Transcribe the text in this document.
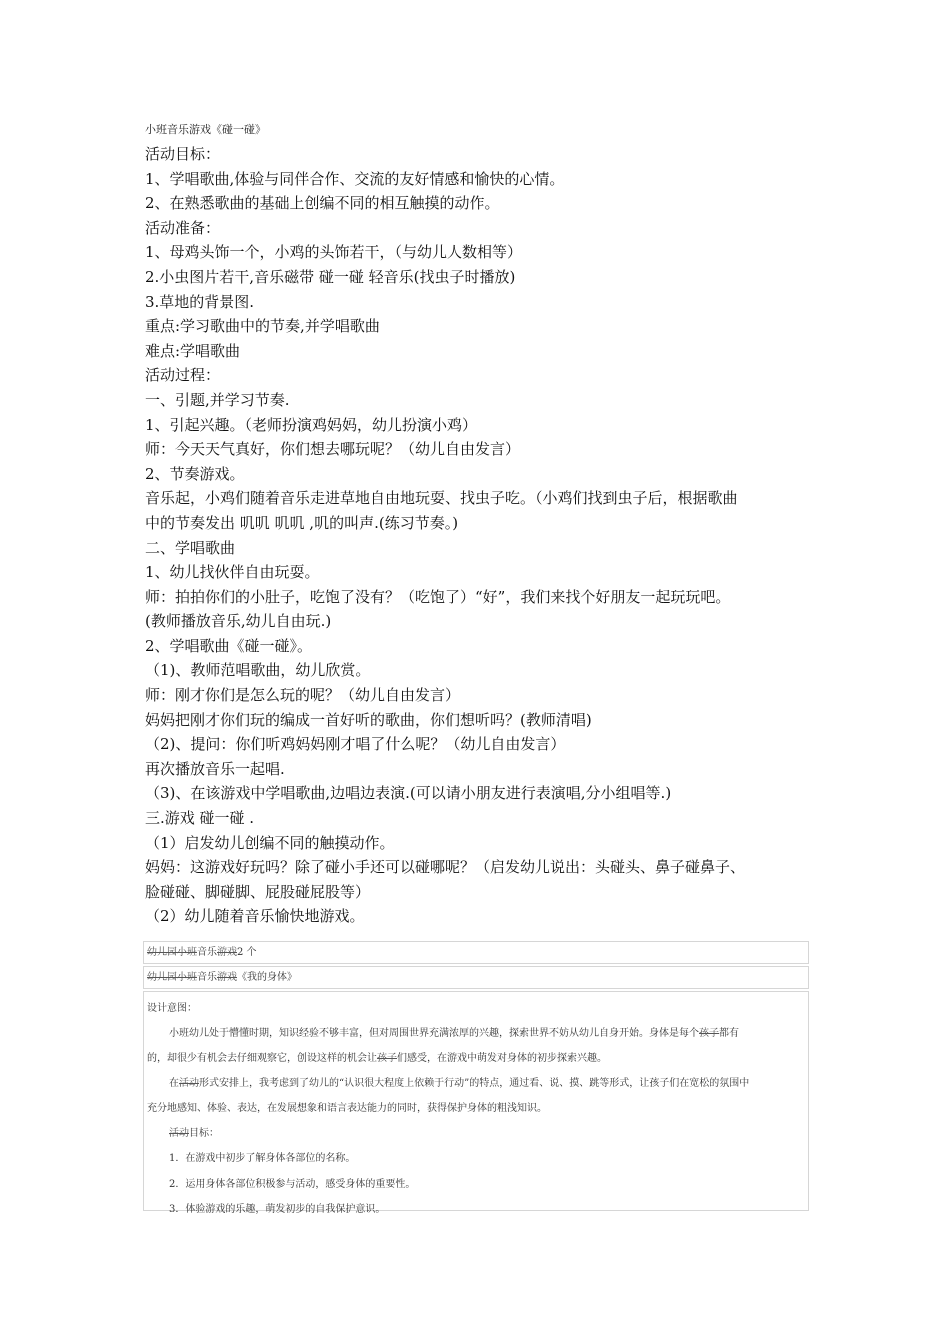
小班音乐游戏《碰一碰》
活动目标：
1、学唱歌曲,体验与同伴合作、交流的友好情感和愉快的心情。
2、在熟悉歌曲的基础上创编不同的相互触摸的动作。
活动准备：
1、母鸡头饰一个，小鸡的头饰若干，（与幼儿人数相等）
2.小虫图片若干,音乐磁带 碰一碰 轻音乐(找虫子时播放)
3.草地的背景图.
重点:学习歌曲中的节奏,并学唱歌曲
难点:学唱歌曲
活动过程：
一、引题,并学习节奏.
1、引起兴趣。（老师扮演鸡妈妈，幼儿扮演小鸡）
师：今天天气真好，你们想去哪玩呢？（幼儿自由发言）
2、节奏游戏。
音乐起，小鸡们随着音乐走进草地自由地玩耍、找虫子吃。（小鸡们找到虫子后，根据歌曲
中的节奏发出 叽叽 叽叽 ,叽的叫声.(练习节奏。)
二、学唱歌曲
1、幼儿找伙伴自由玩耍。
师：拍拍你们的小肚子，吃饱了没有？（吃饱了）“好”，我们来找个好朋友一起玩玩吧。
(教师播放音乐,幼儿自由玩.)
2、学唱歌曲《碰一碰》。
（1)、教师范唱歌曲，幼儿欣赏。
师：刚才你们是怎么玩的呢？（幼儿自由发言）
妈妈把刚才你们玩的编成一首好听的歌曲，你们想听吗？(教师清唱)
（2)、提问：你们听鸡妈妈刚才唱了什么呢？（幼儿自由发言）
再次播放音乐一起唱.
（3)、在该游戏中学唱歌曲,边唱边表演.(可以请小朋友进行表演唱,分小组唱等.)
三.游戏 碰一碰 .
（1）启发幼儿创编不同的触摸动作。
妈妈：这游戏好玩吗？除了碰小手还可以碰哪呢？（启发幼儿说出：头碰头、鼻子碰鼻子、
脸碰碰、脚碰脚、屁股碰屁股等）
（2）幼儿随着音乐愉快地游戏。
幼儿园小班音乐游戏2 个
幼儿园小班音乐游戏《我的身体》
设计意图：
小班幼儿处于懵懂时期，知识经验不够丰富，但对周围世界充满浓厚的兴趣，探索世界不妨从幼儿自身开始。身体是每个孩子都有
的，却很少有机会去仔细观察它，创设这样的机会让孩子们感受，在游戏中萌发对身体的初步探索兴趣。
在活动形式安排上，我考虑到了幼儿的“认识很大程度上依赖于行动”的特点，通过看、说、摸、跳等形式，让孩子们在宽松的氛围中
充分地感知、体验、表达，在发展想象和语言表达能力的同时，获得保护身体的粗浅知识。
活动目标：
1．在游戏中初步了解身体各部位的名称。
2．运用身体各部位积极参与活动，感受身体的重要性。
3．体验游戏的乐趣，萌发初步的自我保护意识。
